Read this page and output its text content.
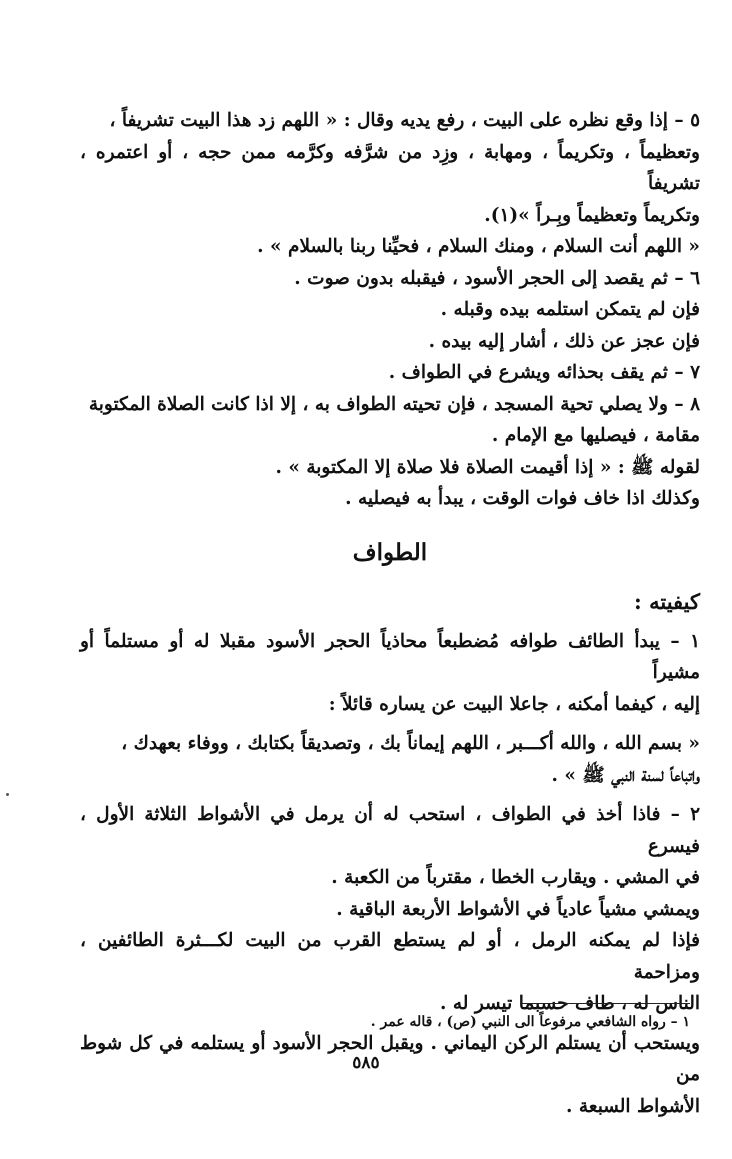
٥ – إذا وقع نظره على البيت ، رفع يديه وقال : « اللهم زد هذا البيت تشريفاً ،

وتعظيماً ، وتكريماً ، ومهابة ، وزِد من شرَّفه وكرَّمه ممن حجه ، أو اعتمره ، تشريفاً

وتكريماً وتعظيماً وبِـراً »(١).

« اللهم أنت السلام ، ومنك السلام ، فحيِّنا ربنا بالسلام » .

٦ – ثم يقصد إلى الحجر الأسود ، فيقبله بدون صوت .

فإن لم يتمكن استلمه بيده وقبله .

فإن عجز عن ذلك ، أشار إليه بيده .

٧ – ثم يقف بحذائه ويشرع في الطواف .

٨ – ولا يصلي تحية المسجد ، فإن تحيته الطواف به ، إلا اذا كانت الصلاة المكتوبة

مقامة ، فيصليها مع الإمام .

لقوله ﷺ : « إذا أقيمت الصلاة فلا صلاة إلا المكتوبة » .

وكذلك اذا خاف فوات الوقت ، يبدأ به فيصليه .

الطواف

كيفيته :

١ – يبدأ الطائف طوافه مُضطبعاً محاذياً الحجر الأسود مقبلا له أو مستلماً أو مشيراً

إليه ، كيفما أمكنه ، جاعلا البيت عن يساره قائلاً :

« بسم الله ، والله أكـــبر ، اللهم إيماناً بك ، وتصديقاً بكتابك ، ووفاء بعهدك ،

واتباعاً لسنة النبي ﷺ » .

٢ – فاذا أخذ في الطواف ، استحب له أن يرمل في الأشواط الثلاثة الأول ، فيسرع

في المشي . ويقارب الخطا ، مقترباً من الكعبة .

ويمشي مشياً عادياً في الأشواط الأربعة الباقية .

فإذا لم يمكنه الرمل ، أو لم يستطع القرب من البيت لكـــثرة الطائفين ، ومزاحمة

الناس له ، طاف حسبما تيسر له .

ويستحب أن يستلم الركن اليماني . ويقبل الحجر الأسود أو يستلمه في كل شوط من

الأشواط السبعة .

١ – رواه الشافعي مرفوعاً الى النبي (ص) ، قاله عمر .
٥٨٥
